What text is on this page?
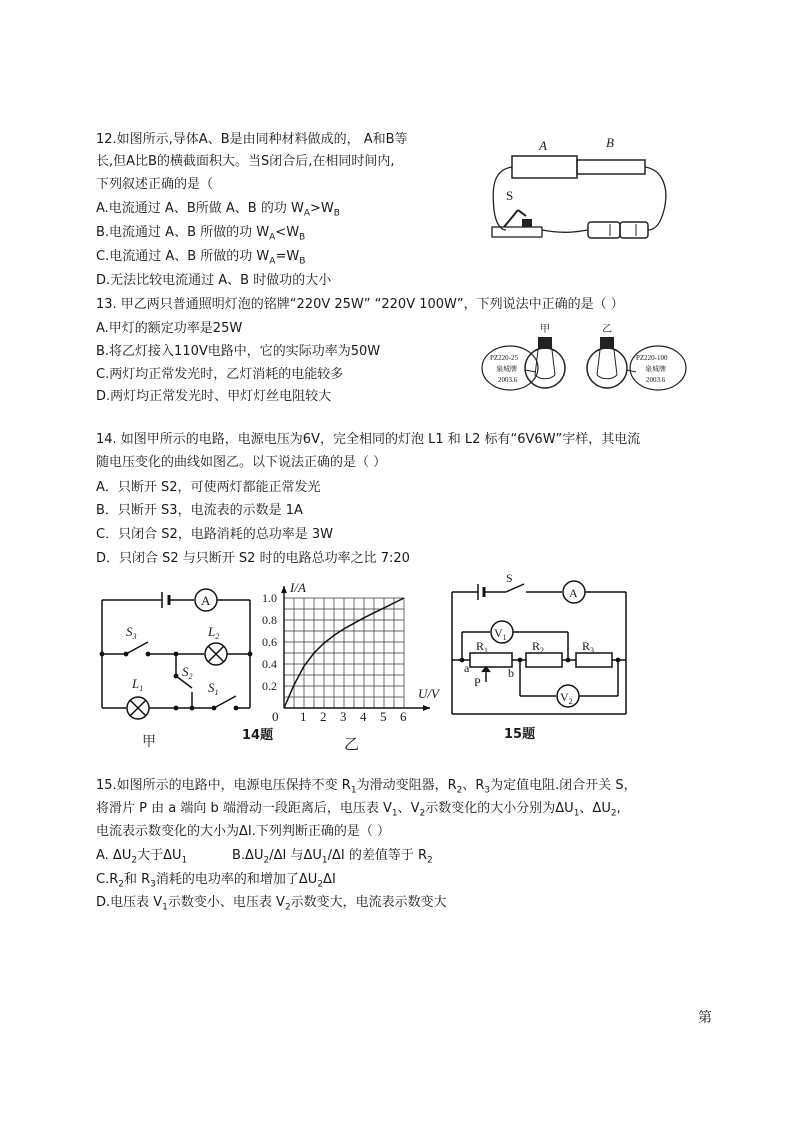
12.如图所示,导体A、B是由同种材料做成的， A和B等
长,但A比B的横截面积大。当S闭合后,在相同时间内,
下列叙述正确的是（
A.电流通过 A、B所做 A、B 的功 $W_A>W_B$
B.电流通过 A、B 所做的功 $W_A<W_B$
C.电流通过 A、B 所做的功 $W_A=W_B$
D.无法比较电流通过 A、B 时做功的大小
A	B
S
13. 甲乙两只普通照明灯泡的铭牌“220V 25W” “220V 100W”，下列说法中正确的是（ ）
A.甲灯的额定功率是25W
B.将乙灯接入110V电路中，它的实际功率为50W
C.两灯均正常发光时，乙灯消耗的电能较多
D.两灯均正常发光时、甲灯灯丝电阻较大
甲	乙
PZ220-25
泉城牌
2003.6
PZ220-100
泉城牌
2003.6
14. 如图甲所示的电路，电源电压为6V，完全相同的灯泡 L1 和 L2 标有“6V6W”字样，其电流
随电压变化的曲线如图乙。以下说法正确的是（ ）
A．只断开 S2，可使两灯都能正常发光
B．只断开 S3，电流表的示数是 1A
C．只闭合 S2，电路消耗的总功率是 3W
D．只闭合 S2 与只断开 S2 时的电路总功率之比 7:20
A
$S_3$	$L_2$
$S_2$
$S_1$
$L_1$
甲	14题
0 1 2 3 4 5 6
0.2
0.4
0.6
0.8
1.0
U/V
I/A
乙
S
A
$V_1$
$R_1$	$R_2$	$R_3$
a	b
P
$V_2$
15题
15.如图所示的电路中，电源电压保持不变 $R_1$为滑动变阻器，$R_2$、$R_3$为定值电阻.闭合开关 S，
将滑片 P 由 a 端向 b 端滑动一段距离后，电压表 $V_1$、$V_2$示数变化的大小分别为$\Delta U_1$、$\Delta U_2$,
电流表示数变化的大小为ΔI.下列判断正确的是（ ）
A. $\Delta U_2$大于$\Delta U_1$	$B.\Delta U_2/\Delta I$ 与$\Delta U_1/\Delta I$ 的差值等于 $R_2$
$C.R_2$和 $R_3$消耗的电功率的和增加了$\Delta U_2\Delta I$
D.电压表 $V_1$示数变小、电压表 $V_2$示数变大，电流表示数变大
第
